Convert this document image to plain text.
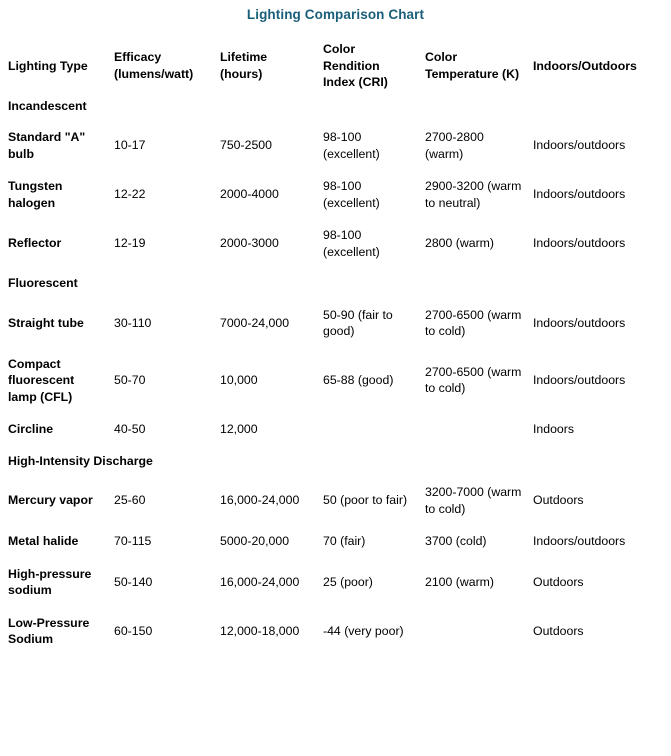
Lighting Comparison Chart
Lighting Type	Efficacy (lumens/watt)	Lifetime (hours)	Color Rendition Index (CRI)	Color Temperature (K)	Indoors/Outdoors

Incandescent					

Standard "A" bulb	10-17	750-2500	98-100 (excellent)	2700-2800 (warm)	Indoors/outdoors

Tungsten halogen	12-22	2000-4000	98-100 (excellent)	2900-3200 (warm to neutral)	Indoors/outdoors

Reflector	12-19	2000-3000	98-100 (excellent)	2800 (warm)	Indoors/outdoors

Fluorescent					

Straight tube	30-110	7000-24,000	50-90 (fair to good)	2700-6500 (warm to cold)	Indoors/outdoors

Compact fluorescent lamp (CFL)	50-70	10,000	65-88 (good)	2700-6500 (warm to cold)	Indoors/outdoors

Circline	40-50	12,000			Indoors

High-Intensity Discharge					

Mercury vapor	25-60	16,000-24,000	50 (poor to fair)	3200-7000 (warm to cold)	Outdoors

Metal halide	70-115	5000-20,000	70 (fair)	3700 (cold)	Indoors/outdoors

High-pressure sodium	50-140	16,000-24,000	25 (poor)	2100 (warm)	Outdoors

Low-Pressure Sodium	60-150	12,000-18,000	-44 (very poor)		Outdoors
